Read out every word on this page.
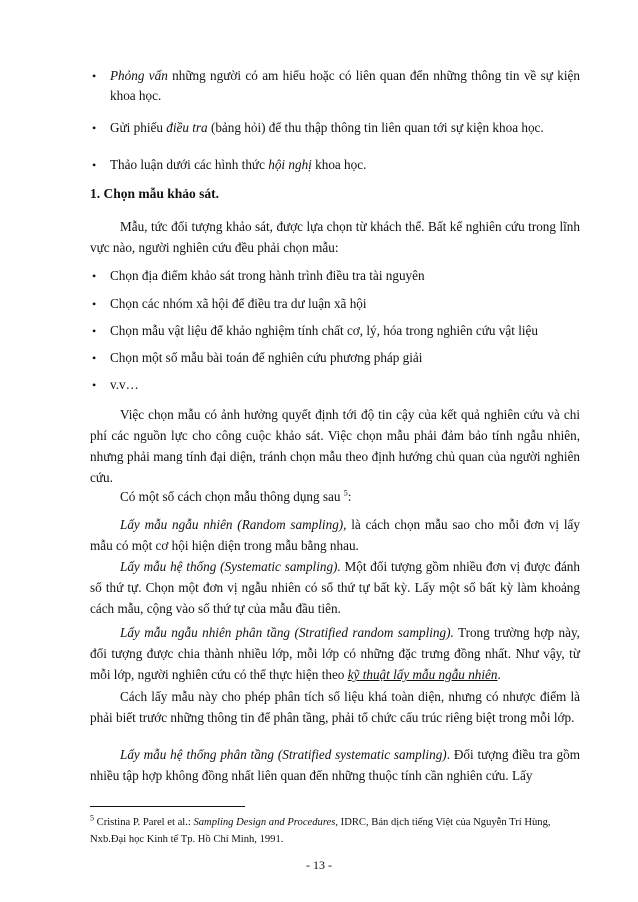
• Phỏng vấn những người có am hiểu hoặc có liên quan đến những thông tin về sự kiện khoa học.
• Gửi phiếu điều tra (bảng hỏi) để thu thập thông tin liên quan tới sự kiện khoa học.
• Thảo luận dưới các hình thức hội nghị khoa học.
1. Chọn mẫu khảo sát.
Mẫu, tức đối tượng khảo sát, được lựa chọn từ khách thể. Bất kể nghiên cứu trong lĩnh vực nào, người nghiên cứu đều phải chọn mẫu:
• Chọn địa điểm khảo sát trong hành trình điều tra tài nguyên
• Chọn các nhóm xã hội để điều tra dư luận xã hội
• Chọn mẫu vật liệu để khảo nghiệm tính chất cơ, lý, hóa trong nghiên cứu vật liệu
• Chọn một số mẫu bài toán để nghiên cứu phương pháp giải
• v.v…
Việc chọn mẫu có ảnh hưởng quyết định tới độ tin cậy của kết quả nghiên cứu và chi phí các nguồn lực cho công cuộc khảo sát. Việc chọn mẫu phải đảm bảo tính ngẫu nhiên, nhưng phải mang tính đại diện, tránh chọn mẫu theo định hướng chủ quan của người nghiên cứu.
Có một số cách chọn mẫu thông dụng sau $^5$:
Lấy mẫu ngẫu nhiên (Random sampling), là cách chọn mẫu sao cho mỗi đơn vị lấy mẫu có một cơ hội hiện diện trong mẫu bằng nhau.
Lấy mẫu hệ thống (Systematic sampling). Một đối tượng gồm nhiều đơn vị được đánh số thứ tự. Chọn một đơn vị ngẫu nhiên có số thứ tự bất kỳ. Lấy một số bất kỳ làm khoảng cách mẫu, cộng vào số thứ tự của mẫu đầu tiên.
Lấy mẫu ngẫu nhiên phân tầng (Stratified random sampling). Trong trường hợp này, đối tượng được chia thành nhiều lớp, mỗi lớp có những đặc trưng đồng nhất. Như vậy, từ mỗi lớp, người nghiên cứu có thể thực hiện theo kỹ thuật lấy mẫu ngẫu nhiên.
Cách lấy mẫu này cho phép phân tích số liệu khá toàn diện, nhưng có nhược điểm là phải biết trước những thông tin để phân tầng, phải tổ chức cấu trúc riêng biệt trong mỗi lớp.
Lấy mẫu hệ thống phân tầng (Stratified systematic sampling). Đối tượng điều tra gồm nhiều tập hợp không đồng nhất liên quan đến những thuộc tính cần nghiên cứu. Lấy
$^5$ Cristina P. Parel et al.: Sampling Design and Procedures, IDRC, Bản dịch tiếng Việt của Nguyễn Trí Hùng, Nxb.Đại học Kinh tế Tp. Hồ Chí Minh, 1991.
- 13 -
